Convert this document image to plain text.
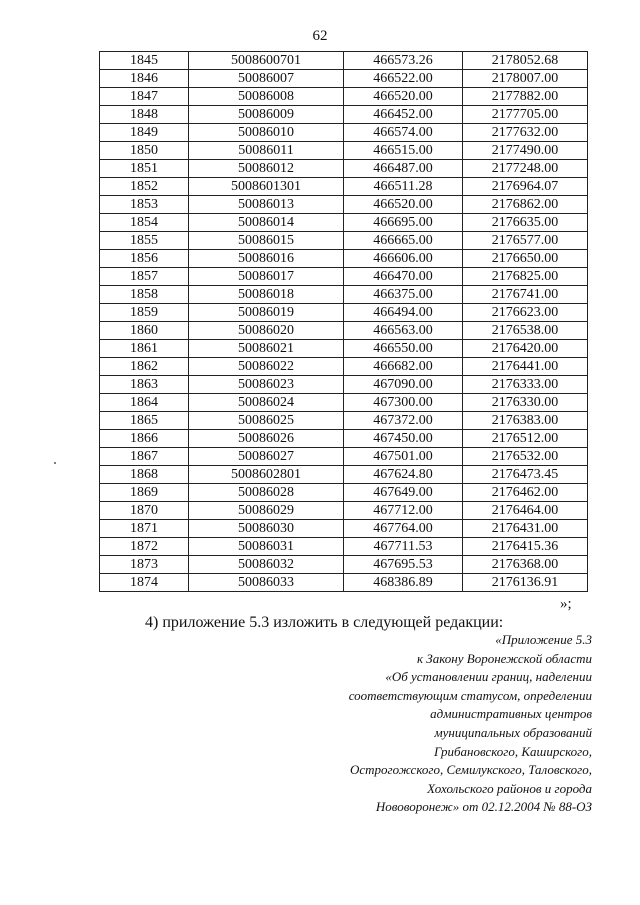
62
1845	5008600701	466573.26	2178052.68
1846	50086007	466522.00	2178007.00
1847	50086008	466520.00	2177882.00
1848	50086009	466452.00	2177705.00
1849	50086010	466574.00	2177632.00
1850	50086011	466515.00	2177490.00
1851	50086012	466487.00	2177248.00
1852	5008601301	466511.28	2176964.07
1853	50086013	466520.00	2176862.00
1854	50086014	466695.00	2176635.00
1855	50086015	466665.00	2176577.00
1856	50086016	466606.00	2176650.00
1857	50086017	466470.00	2176825.00
1858	50086018	466375.00	2176741.00
1859	50086019	466494.00	2176623.00
1860	50086020	466563.00	2176538.00
1861	50086021	466550.00	2176420.00
1862	50086022	466682.00	2176441.00
1863	50086023	467090.00	2176333.00
1864	50086024	467300.00	2176330.00
1865	50086025	467372.00	2176383.00
1866	50086026	467450.00	2176512.00
1867	50086027	467501.00	2176532.00
1868	5008602801	467624.80	2176473.45
1869	50086028	467649.00	2176462.00
1870	50086029	467712.00	2176464.00
1871	50086030	467764.00	2176431.00
1872	50086031	467711.53	2176415.36
1873	50086032	467695.53	2176368.00
1874	50086033	468386.89	2176136.91
»;
4) приложение 5.3 изложить в следующей редакции:
«Приложение 5.3
к Закону Воронежской области
«Об установлении границ, наделении
соответствующим статусом, определении
административных центров
муниципальных образований
Грибановского, Каширского,
Острогожского, Семилукского, Таловского,
Хохольского районов и города
Нововоронеж» от 02.12.2004 № 88-ОЗ
